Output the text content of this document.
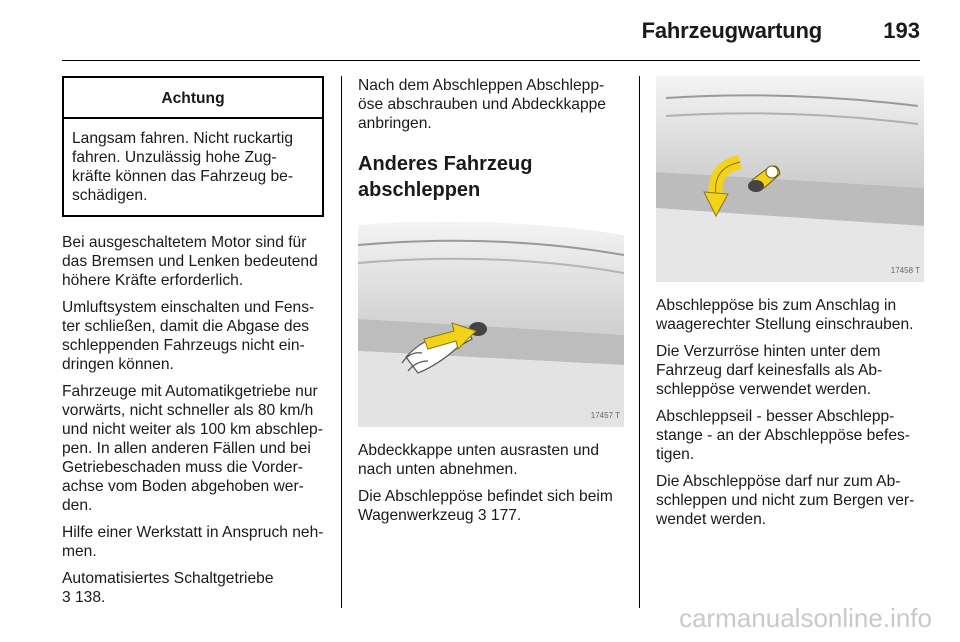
Fahrzeugwartung	193
Achtung
Langsam fahren. Nicht ruckartig fahren. Unzulässig hohe Zug-kräfte können das Fahrzeug be-schädigen.

Bei ausgeschaltetem Motor sind für das Bremsen und Lenken bedeutend höhere Kräfte erforderlich.

Umluftsystem einschalten und Fens-ter schließen, damit die Abgase des schleppenden Fahrzeugs nicht ein-dringen können.

Fahrzeuge mit Automatikgetriebe nur vorwärts, nicht schneller als 80 km/h und nicht weiter als 100 km abschlep-pen. In allen anderen Fällen und bei Getriebeschaden muss die Vorder-achse vom Boden abgehoben wer-den.

Hilfe einer Werkstatt in Anspruch neh-men.

Automatisiertes Schaltgetriebe
3 138.

Nach dem Abschleppen Abschlepp-öse abschrauben und Abdeckkappe anbringen.

Anderes Fahrzeug abschleppen
17457 T

Abdeckkappe unten ausrasten und nach unten abnehmen.

Die Abschleppöse befindet sich beim Wagenwerkzeug 3 177.

17458 T

Abschleppöse bis zum Anschlag in waagerechter Stellung einschrauben.

Die Verzurröse hinten unter dem Fahrzeug darf keinesfalls als Ab-schleppöse verwendet werden.

Abschleppseil - besser Abschlepp-stange - an der Abschleppöse befes-tigen.

Die Abschleppöse darf nur zum Ab-schleppen und nicht zum Bergen ver-wendet werden.

carmanualsonline.info
